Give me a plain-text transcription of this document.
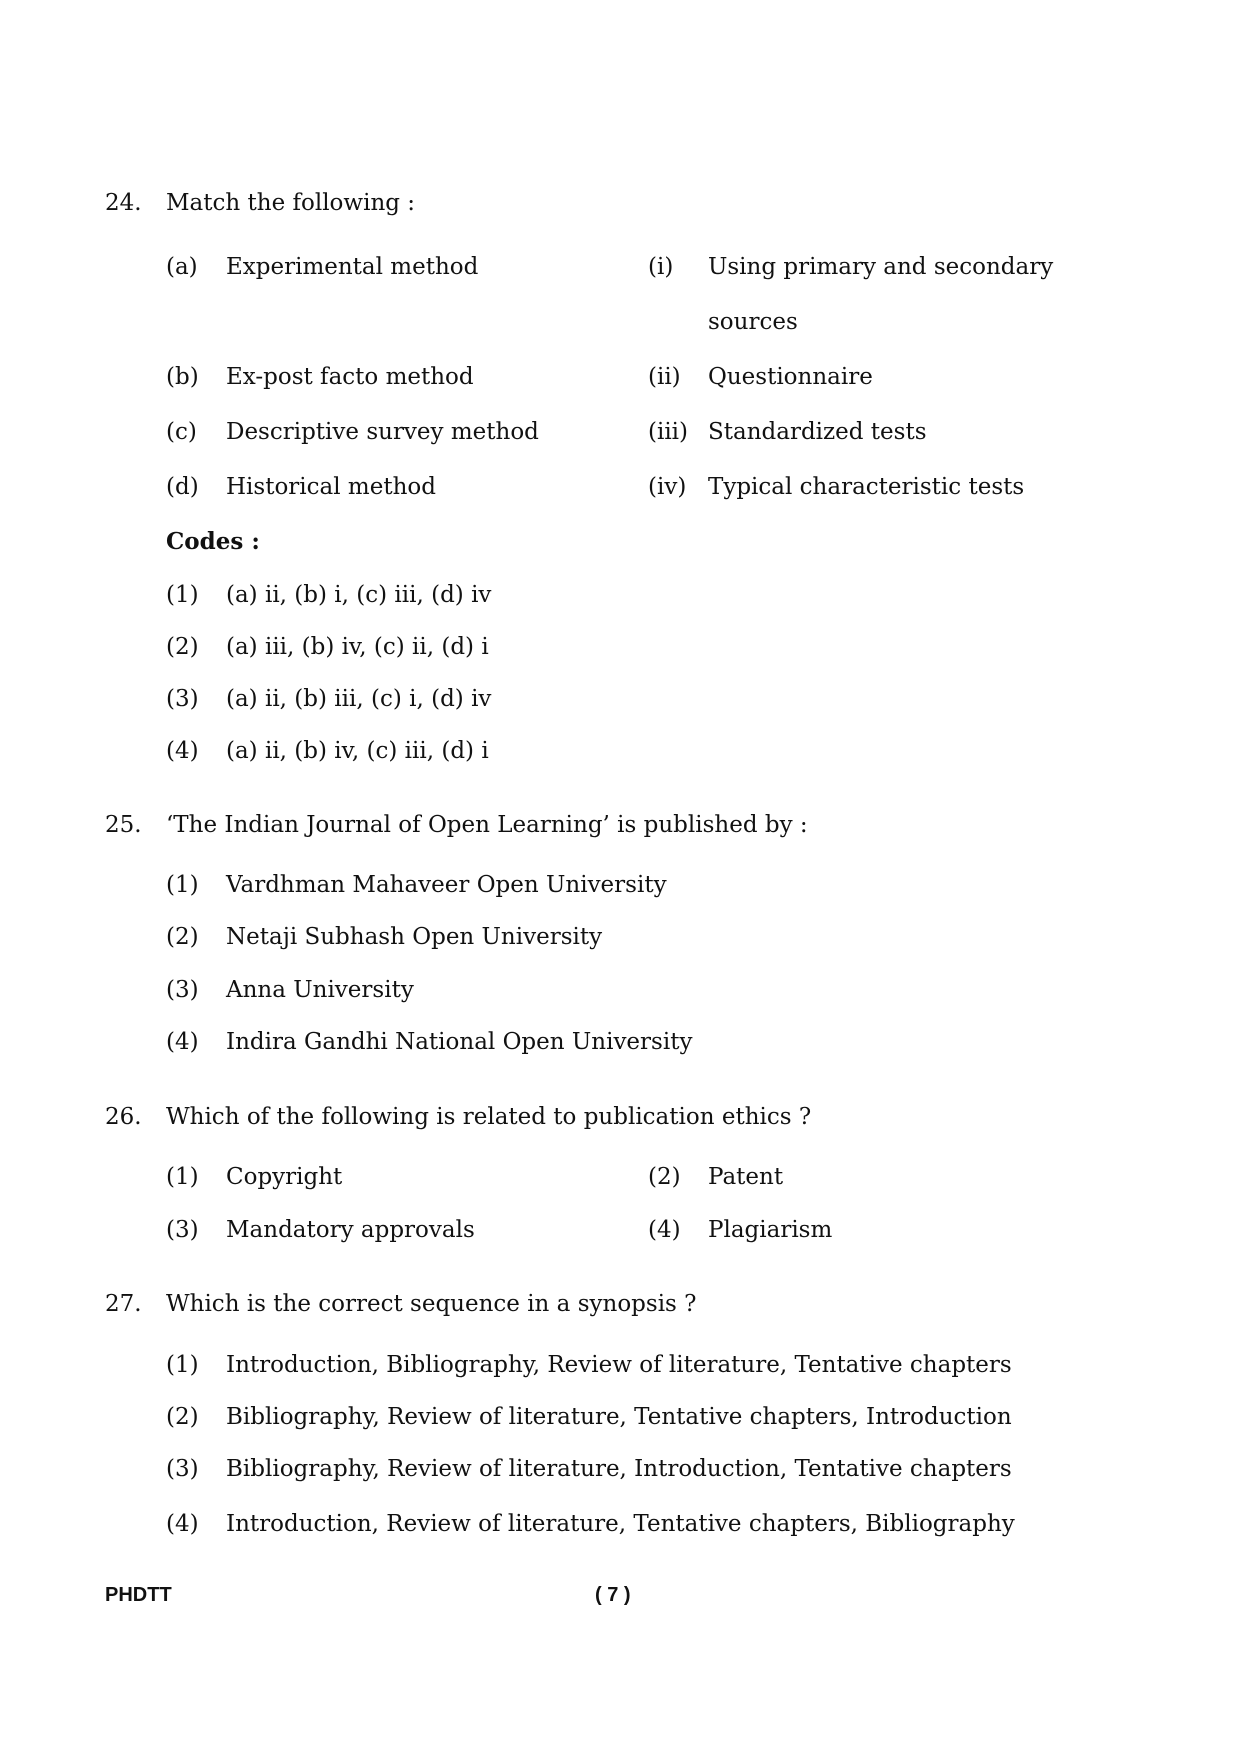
24. Match the following :
(a) Experimental method	(i) Using primary and secondary
sources
(b) Ex-post facto method	(ii) Questionnaire
(c) Descriptive survey method	(iii) Standardized tests
(d) Historical method	(iv) Typical characteristic tests
Codes :
(1) (a) ii, (b) i, (c) iii, (d) iv
(2) (a) iii, (b) iv, (c) ii, (d) i
(3) (a) ii, (b) iii, (c) i, (d) iv
(4) (a) ii, (b) iv, (c) iii, (d) i
25. ‘The Indian Journal of Open Learning’ is published by :
(1) Vardhman Mahaveer Open University
(2) Netaji Subhash Open University
(3) Anna University
(4) Indira Gandhi National Open University
26. Which of the following is related to publication ethics ?
(1) Copyright	(2) Patent
(3) Mandatory approvals	(4) Plagiarism
27. Which is the correct sequence in a synopsis ?
(1) Introduction, Bibliography, Review of literature, Tentative chapters
(2) Bibliography, Review of literature, Tentative chapters, Introduction
(3) Bibliography, Review of literature, Introduction, Tentative chapters
(4) Introduction, Review of literature, Tentative chapters, Bibliography
PHDTT	( 7 )
